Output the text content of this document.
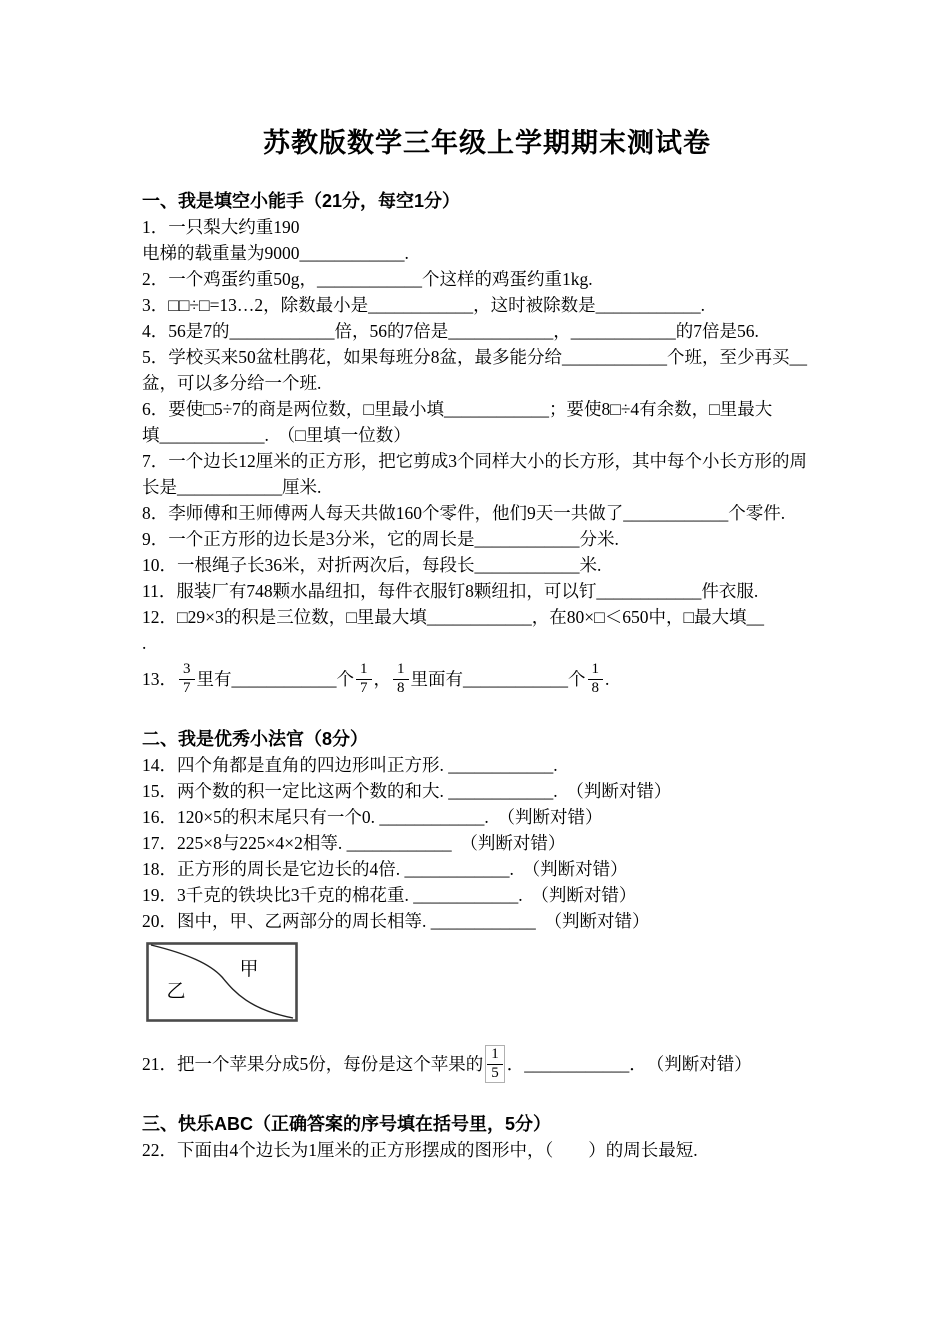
苏教版数学三年级上学期期末测试卷
一、我是填空小能手（21分，每空1分）
1．一只梨大约重190
电梯的载重量为9000____________.
2．一个鸡蛋约重50g，____________个这样的鸡蛋约重1kg.
3．□□÷□=13…2，除数最小是____________，这时被除数是____________.
4．56是7的____________倍，56的7倍是____________，____________的7倍是56.
5．学校买来50盆杜鹃花，如果每班分8盆，最多能分给____________个班，至少再买__
盆，可以多分给一个班.
6．要使□5÷7的商是两位数，□里最小填____________；要使8□÷4有余数，□里最大
填____________.　（□里填一位数）
7．一个边长12厘米的正方形，把它剪成3个同样大小的长方形，其中每个小长方形的周
长是____________厘米.
8．李师傅和王师傅两人每天共做160个零件，他们9天一共做了____________个零件.
9．一个正方形的边长是3分米，它的周长是____________分米.
10．一根绳子长36米，对折两次后，每段长____________米.
11．服装厂有748颗水晶纽扣，每件衣服钉8颗纽扣，可以钉____________件衣服.
12．□29×3的积是三位数，□里最大填____________，在80×□＜650中，□最大填__
.
13． $\frac{3}{7}$ 里有____________个 $\frac{1}{7}$ ， $\frac{1}{8}$ 里面有____________个 $\frac{1}{8}$ .
二、我是优秀小法官（8分）
14．四个角都是直角的四边形叫正方形. ____________.
15．两个数的积一定比这两个数的和大. ____________.　（判断对错）
16．120×5的积末尾只有一个0. ____________.　（判断对错）
17．225×8与225×4×2相等. ____________　（判断对错）
18．正方形的周长是它边长的4倍. ____________.　（判断对错）
19．3千克的铁块比3千克的棉花重. ____________.　（判断对错）
20．图中，甲、乙两部分的周长相等. ____________　（判断对错）
甲
乙
21．把一个苹果分成5份，每份是这个苹果的 $\frac{1}{5}$ ．____________．　（判断对错）
三、快乐ABC（正确答案的序号填在括号里，5分）
22．下面由4个边长为1厘米的正方形摆成的图形中，（　　）的周长最短.
